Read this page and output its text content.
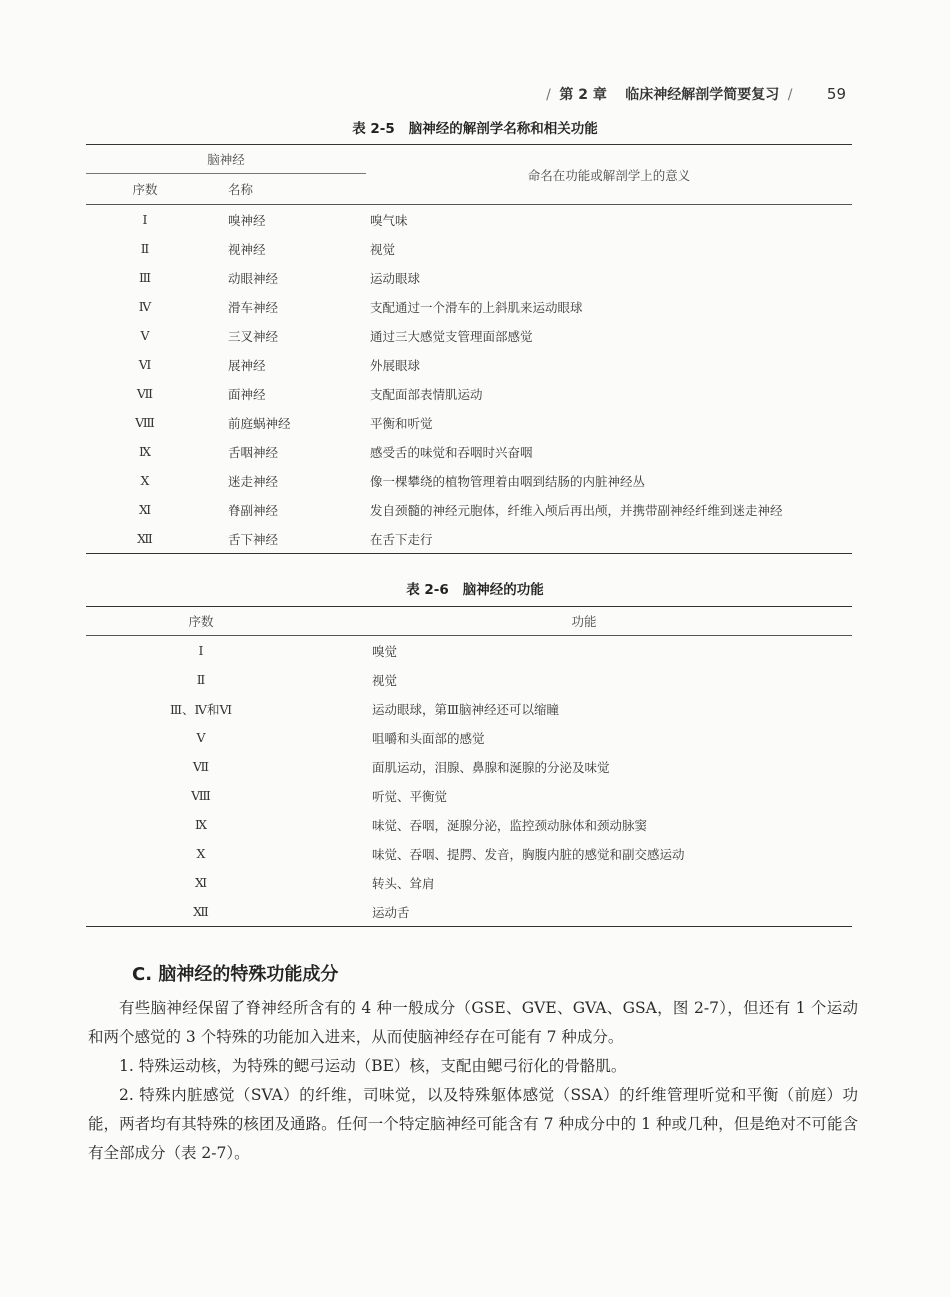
/ 第 2 章 临床神经解剖学简要复习 / 59
表 2-5 脑神经的解剖学名称和相关功能
脑神经		命名在功能或解剖学上的意义
序数	名称	
Ⅰ	嗅神经	嗅气味
Ⅱ	视神经	视觉
Ⅲ	动眼神经	运动眼球
Ⅳ	滑车神经	支配通过一个滑车的上斜肌来运动眼球
Ⅴ	三叉神经	通过三大感觉支管理面部感觉
Ⅵ	展神经	外展眼球
Ⅶ	面神经	支配面部表情肌运动
Ⅷ	前庭蜗神经	平衡和听觉
Ⅸ	舌咽神经	感受舌的味觉和吞咽时兴奋咽
Ⅹ	迷走神经	像一棵攀绕的植物管理着由咽到结肠的内脏神经丛
Ⅺ	脊副神经	发自颈髓的神经元胞体，纤维入颅后再出颅，并携带副神经纤维到迷走神经
Ⅻ	舌下神经	在舌下走行
表 2-6 脑神经的功能
序数	功能
Ⅰ	嗅觉
Ⅱ	视觉
Ⅲ、Ⅳ和Ⅵ	运动眼球，第Ⅲ脑神经还可以缩瞳
Ⅴ	咀嚼和头面部的感觉
Ⅶ	面肌运动，泪腺、鼻腺和涎腺的分泌及味觉
Ⅷ	听觉、平衡觉
Ⅸ	味觉、吞咽，涎腺分泌，监控颈动脉体和颈动脉窦
Ⅹ	味觉、吞咽、提腭、发音，胸腹内脏的感觉和副交感运动
Ⅺ	转头、耸肩
Ⅻ	运动舌
C. 脑神经的特殊功能成分

有些脑神经保留了脊神经所含有的 4 种一般成分（GSE、GVE、GVA、GSA，图 2-7），但还有 1 个运动和两个感觉的 3 个特殊的功能加入进来，从而使脑神经存在可能有 7 种成分。

1. 特殊运动核，为特殊的鳃弓运动（BE）核，支配由鳃弓衍化的骨骼肌。

2. 特殊内脏感觉（SVA）的纤维，司味觉，以及特殊躯体感觉（SSA）的纤维管理听觉和平衡（前庭）功能，两者均有其特殊的核团及通路。任何一个特定脑神经可能含有 7 种成分中的 1 种或几种，但是绝对不可能含有全部成分（表 2-7）。
